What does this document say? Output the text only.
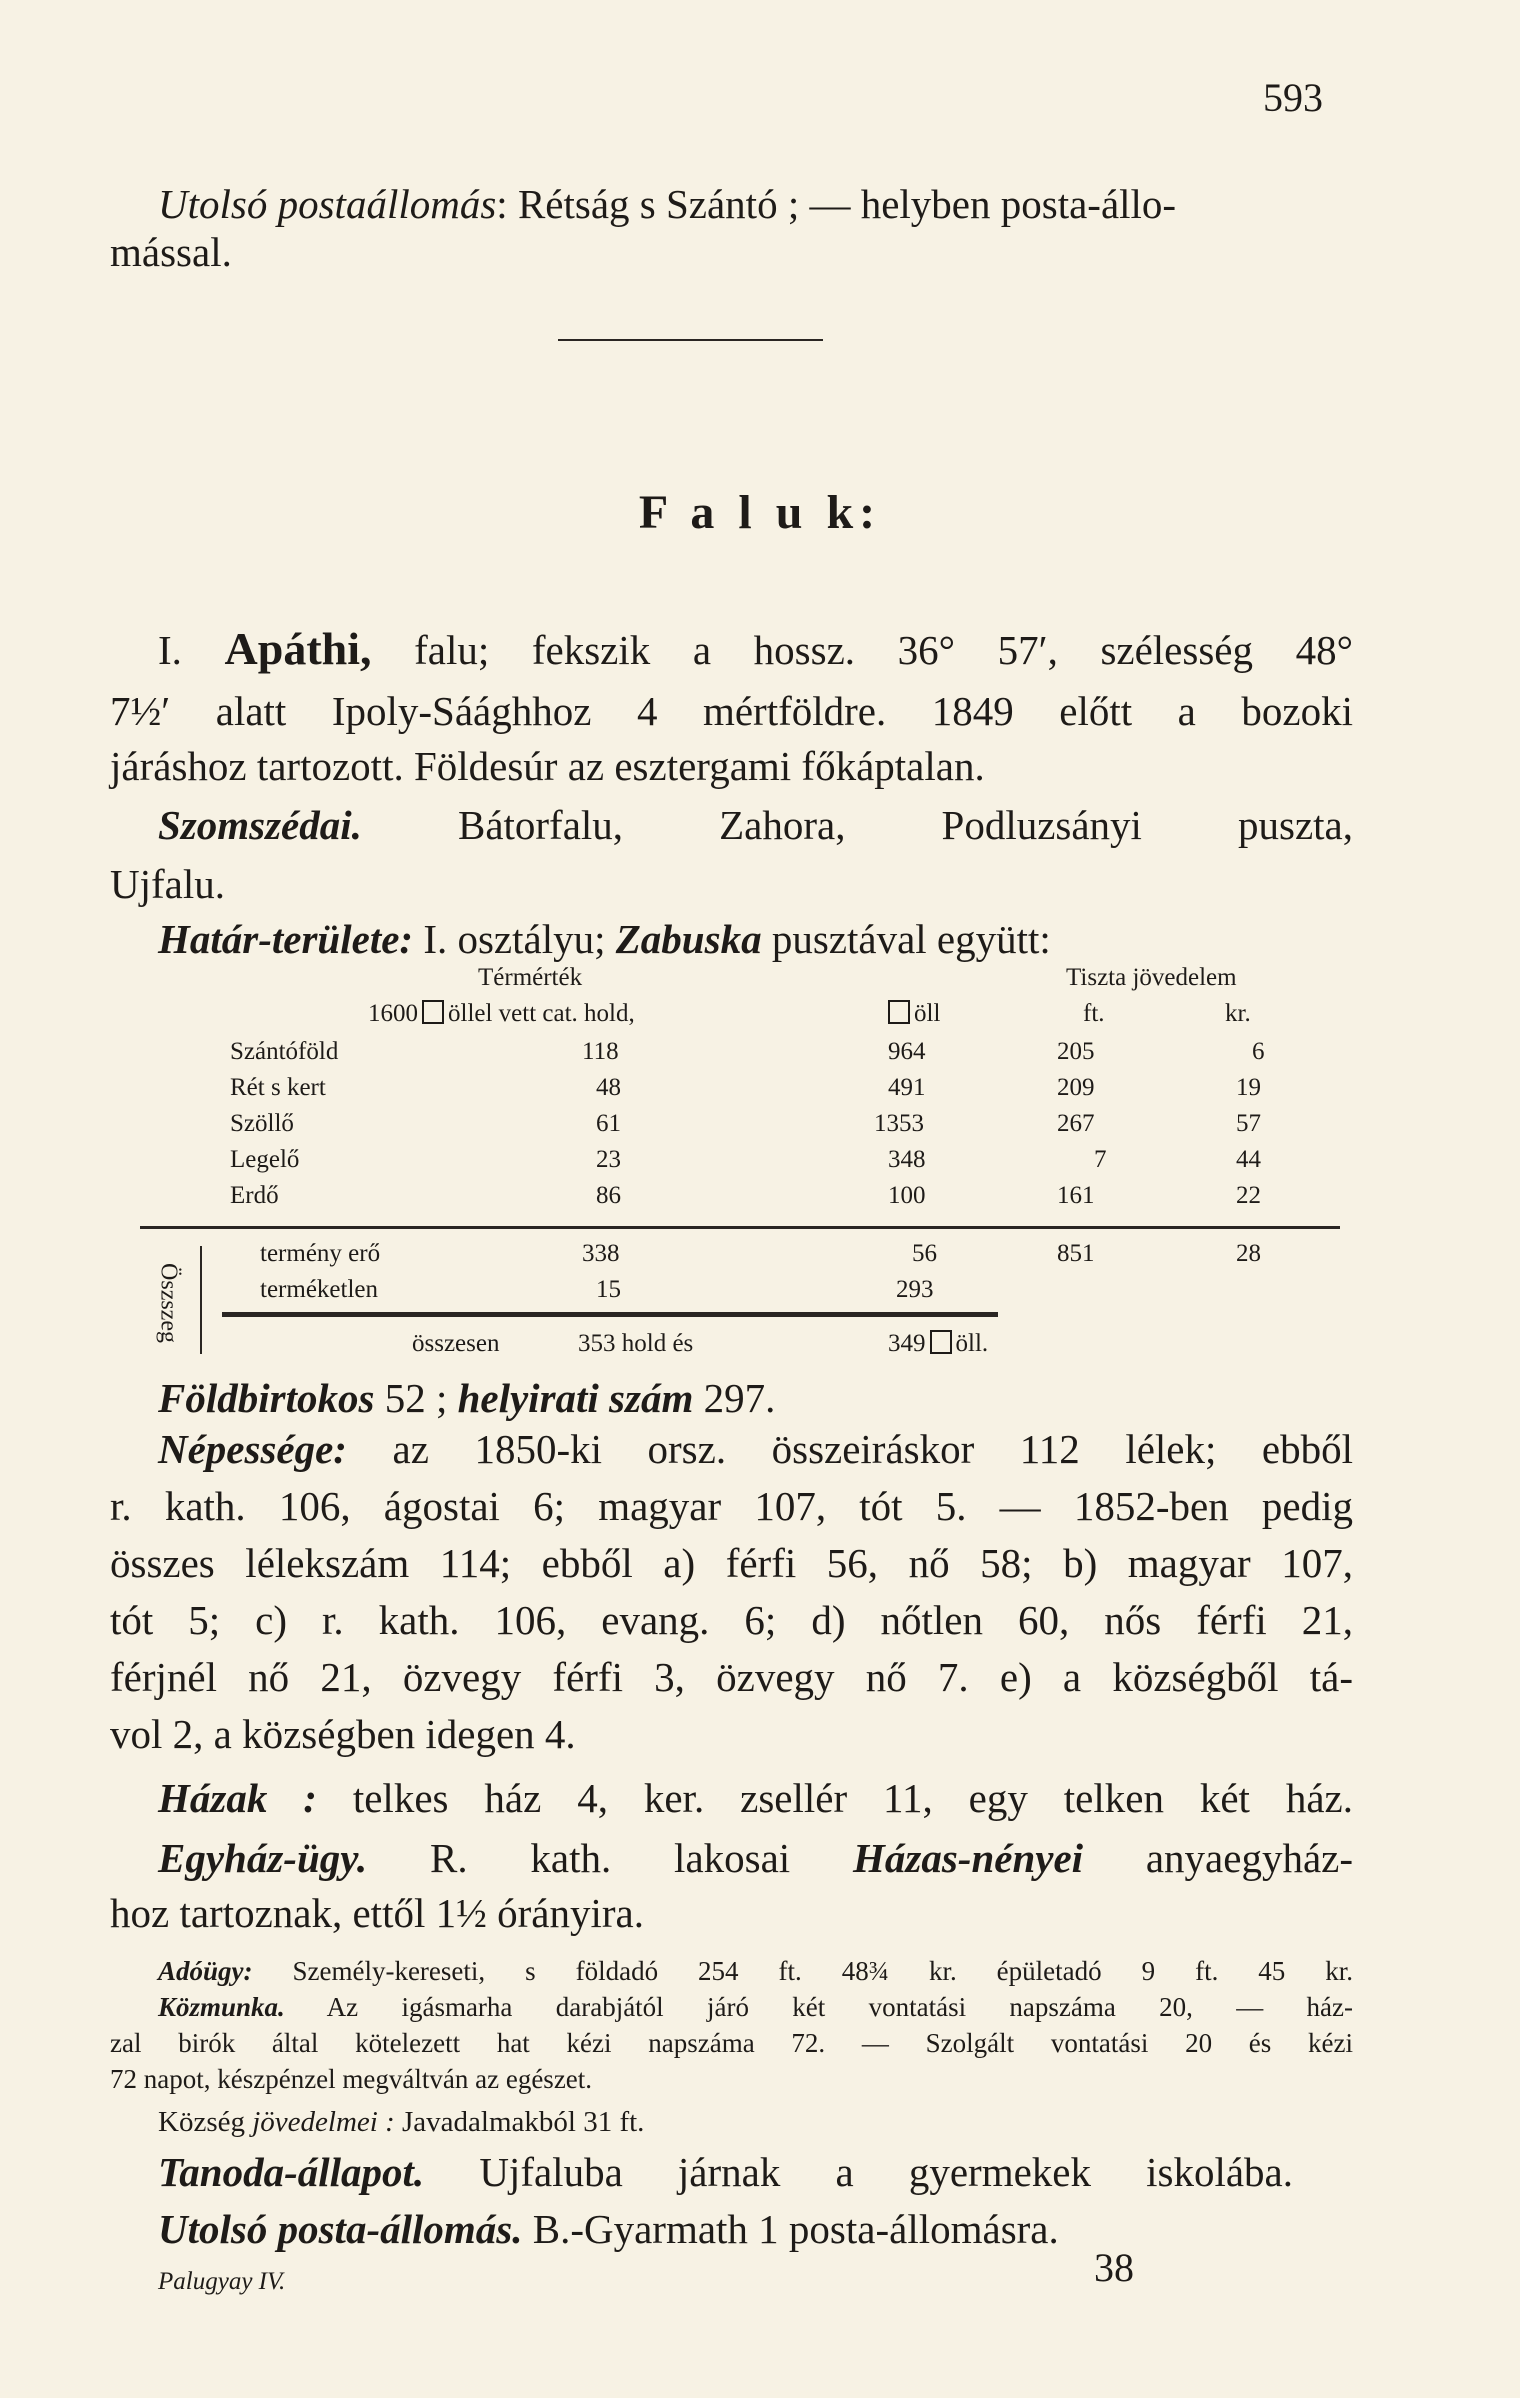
593
Utolsó postaállomás: Rétság s Szántó ; — helyben posta-állo-
mással.
F a l u k:
I. Apáthi, falu; fekszik a hossz. 36° 57′, szélesség 48°
7½′ alatt Ipoly-Sáághhoz 4 mértföldre. 1849 előtt a bozoki
járáshoz tartozott. Földesúr az esztergami főkáptalan.
Szomszédai. Bátorfalu, Zahora, Podluzsányi puszta,
Ujfalu.
Határ-területe: I. osztályu; Zabuska pusztával együtt:
Térmérték	Tiszta jövedelem
1600 öllel vett cat. hold,	öll	ft.	kr.
Szántóföld	118	964	205	6
Rét s kert	48	491	209	19
Szöllő	61	1353	267	57
Legelő	23	348	7	44
Erdő	86	100	161	22
Öszszeg
termény erő	338	56	851	28
terméketlen	15	293
összesen	353 hold és	349 öll.
Földbirtokos 52 ; helyirati szám 297.
Népessége: az 1850-ki orsz. összeiráskor 112 lélek; ebből
r. kath. 106, ágostai 6; magyar 107, tót 5. — 1852-ben pedig
összes lélekszám 114; ebből a) férfi 56, nő 58; b) magyar 107,
tót 5; c) r. kath. 106, evang. 6; d) nőtlen 60, nős férfi 21,
férjnél nő 21, özvegy férfi 3, özvegy nő 7. e) a községből tá-
vol 2, a községben idegen 4.
Házak : telkes ház 4, ker. zsellér 11, egy telken két ház.
Egyház-ügy. R. kath. lakosai Házas-nényei anyaegyház-
hoz tartoznak, ettől 1½ órányira.
Adóügy: Személy-kereseti, s földadó 254 ft. 48¾ kr. épületadó 9 ft. 45 kr.
Közmunka. Az igásmarha darabjától járó két vontatási napszáma 20, — ház-
zal birók által kötelezett hat kézi napszáma 72. — Szolgált vontatási 20 és kézi
72 napot, készpénzel megváltván az egészet.
Község jövedelmei : Javadalmakból 31 ft.
Tanoda-állapot. Ujfaluba járnak a gyermekek iskolába.
Utolsó posta-állomás. B.-Gyarmath 1 posta-állomásra.
Palugyay IV.	38
